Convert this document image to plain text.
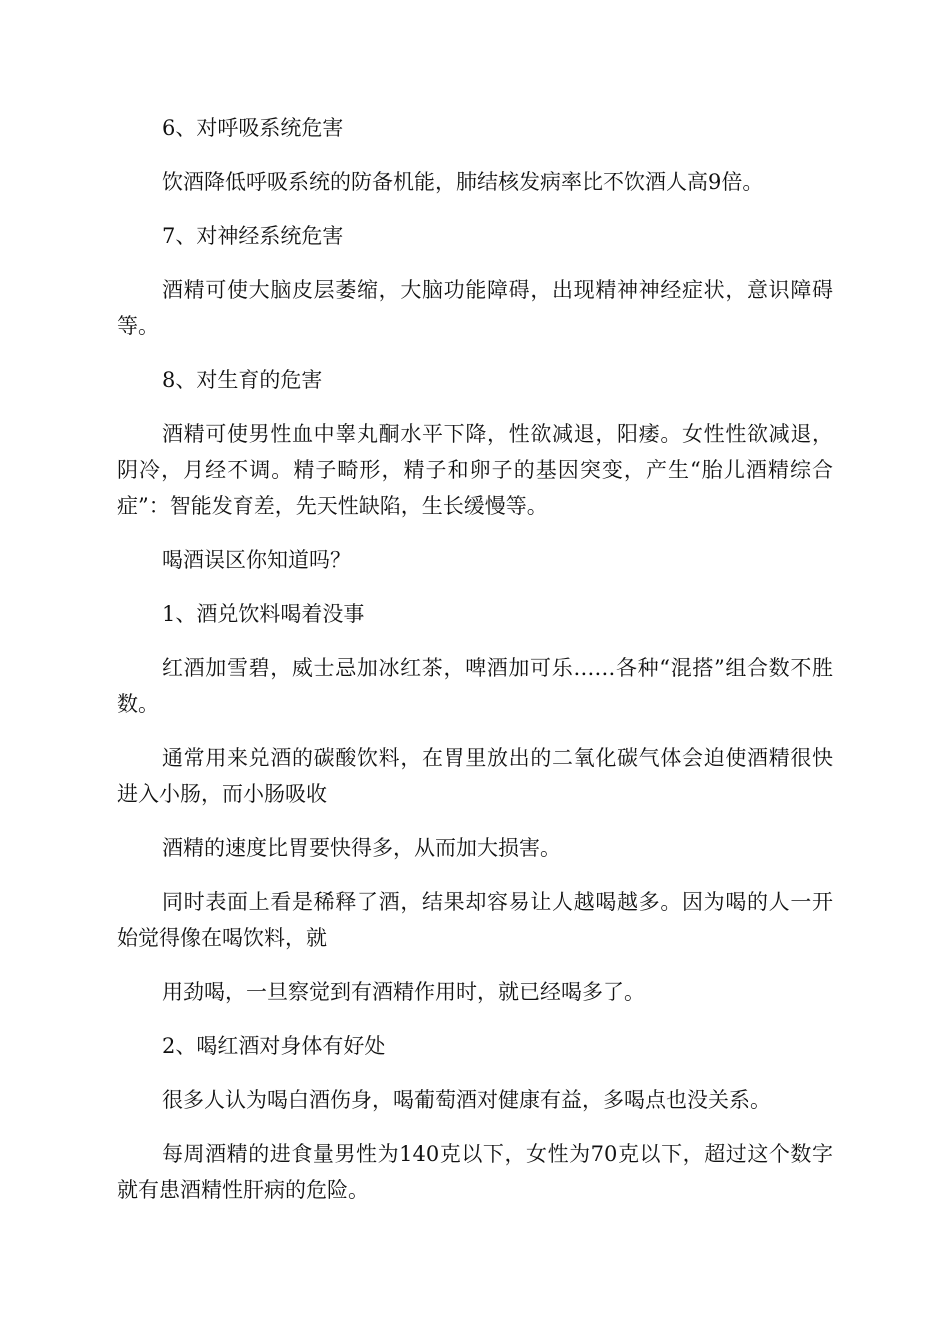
6、对呼吸系统危害

饮酒降低呼吸系统的防备机能，肺结核发病率比不饮酒人高9倍。

7、对神经系统危害

酒精可使大脑皮层萎缩，大脑功能障碍，出现精神神经症状，意识障碍等。

8、对生育的危害

酒精可使男性血中睾丸酮水平下降，性欲减退，阳痿。女性性欲减退，阴冷，月经不调。精子畸形，精子和卵子的基因突变，产生“胎儿酒精综合症”：智能发育差，先天性缺陷，生长缓慢等。

喝酒误区你知道吗？

1、酒兑饮料喝着没事

红酒加雪碧，威士忌加冰红茶，啤酒加可乐……各种“混搭”组合数不胜数。

通常用来兑酒的碳酸饮料，在胃里放出的二氧化碳气体会迫使酒精很快进入小肠，而小肠吸收

酒精的速度比胃要快得多，从而加大损害。

同时表面上看是稀释了酒，结果却容易让人越喝越多。因为喝的人一开始觉得像在喝饮料，就

用劲喝，一旦察觉到有酒精作用时，就已经喝多了。

2、喝红酒对身体有好处

很多人认为喝白酒伤身，喝葡萄酒对健康有益，多喝点也没关系。

每周酒精的进食量男性为140克以下，女性为70克以下，超过这个数字就有患酒精性肝病的危险。
